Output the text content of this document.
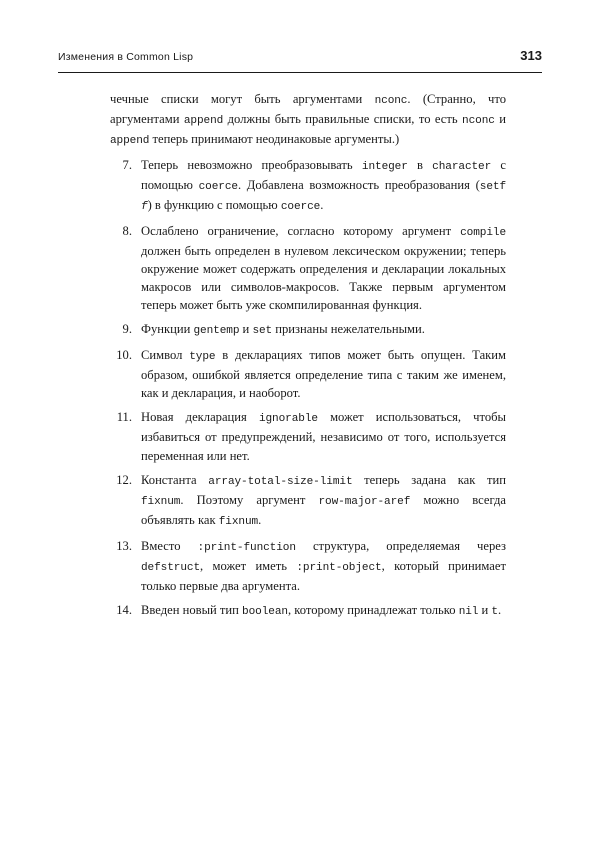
Изменения в Common Lisp	313

чечные списки могут быть аргументами nconc. (Странно, что аргументами append должны быть правильные списки, то есть nconc и append теперь принимают неодинаковые аргументы.)

7. Теперь невозможно преобразовывать integer в character с помощью coerce. Добавлена возможность преобразования (setf f) в функцию с помощью coerce.
8. Ослаблено ограничение, согласно которому аргумент compile должен быть определен в нулевом лексическом окружении; теперь окружение может содержать определения и декларации локальных макросов или символов-макросов. Также первым аргументом теперь может быть уже скомпилированная функция.
9. Функции gentemp и set признаны нежелательными.
10. Символ type в декларациях типов может быть опущен. Таким образом, ошибкой является определение типа с таким же именем, как и декларация, и наоборот.
11. Новая декларация ignorable может использоваться, чтобы избавиться от предупреждений, независимо от того, используется переменная или нет.
12. Константа array-total-size-limit теперь задана как тип fixnum. Поэтому аргумент row-major-aref можно всегда объявлять как fixnum.
13. Вместо :print-function структура, определяемая через defstruct, может иметь :print-object, который принимает только первые два аргумента.
14. Введен новый тип boolean, которому принадлежат только nil и t.
